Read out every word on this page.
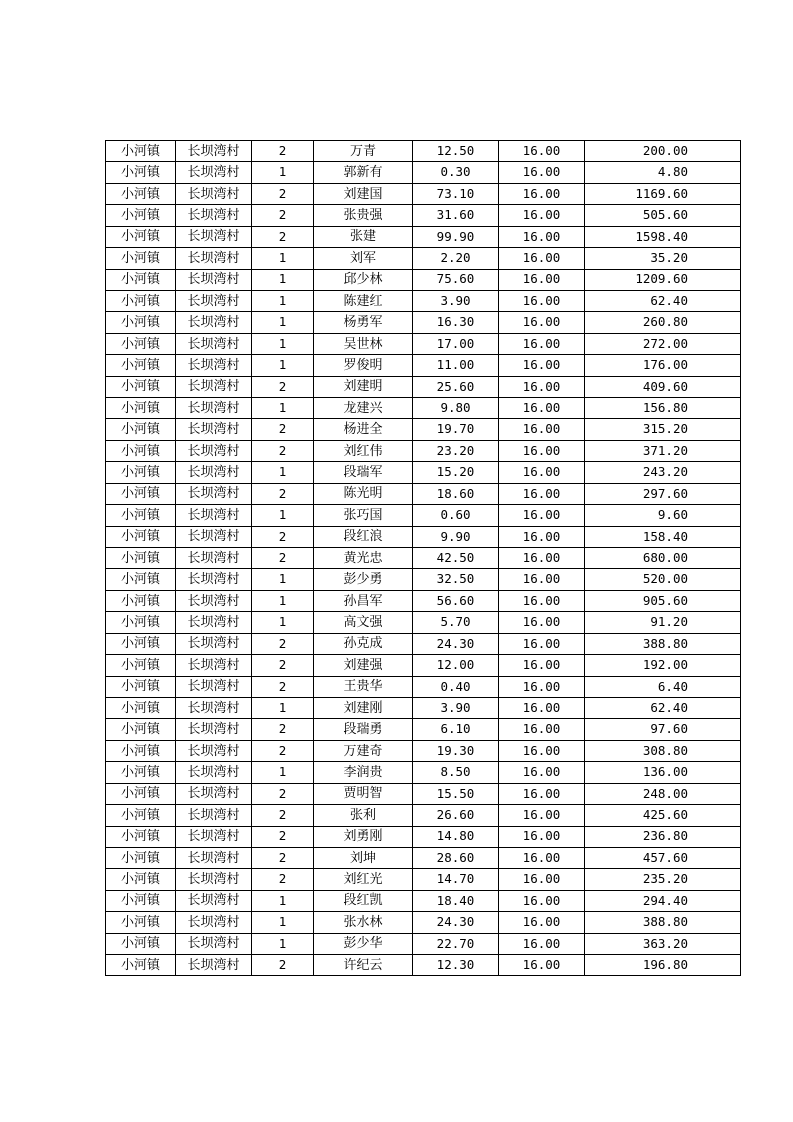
小河镇	长坝湾村	2	万青	12.50	16.00	200.00
小河镇	长坝湾村	1	郭新有	0.30	16.00	4.80
小河镇	长坝湾村	2	刘建国	73.10	16.00	1169.60
小河镇	长坝湾村	2	张贵强	31.60	16.00	505.60
小河镇	长坝湾村	2	张建	99.90	16.00	1598.40
小河镇	长坝湾村	1	刘军	2.20	16.00	35.20
小河镇	长坝湾村	1	邱少林	75.60	16.00	1209.60
小河镇	长坝湾村	1	陈建红	3.90	16.00	62.40
小河镇	长坝湾村	1	杨勇军	16.30	16.00	260.80
小河镇	长坝湾村	1	吴世林	17.00	16.00	272.00
小河镇	长坝湾村	1	罗俊明	11.00	16.00	176.00
小河镇	长坝湾村	2	刘建明	25.60	16.00	409.60
小河镇	长坝湾村	1	龙建兴	9.80	16.00	156.80
小河镇	长坝湾村	2	杨进全	19.70	16.00	315.20
小河镇	长坝湾村	2	刘红伟	23.20	16.00	371.20
小河镇	长坝湾村	1	段瑞军	15.20	16.00	243.20
小河镇	长坝湾村	2	陈光明	18.60	16.00	297.60
小河镇	长坝湾村	1	张巧国	0.60	16.00	9.60
小河镇	长坝湾村	2	段红浪	9.90	16.00	158.40
小河镇	长坝湾村	2	黄光忠	42.50	16.00	680.00
小河镇	长坝湾村	1	彭少勇	32.50	16.00	520.00
小河镇	长坝湾村	1	孙昌军	56.60	16.00	905.60
小河镇	长坝湾村	1	高文强	5.70	16.00	91.20
小河镇	长坝湾村	2	孙克成	24.30	16.00	388.80
小河镇	长坝湾村	2	刘建强	12.00	16.00	192.00
小河镇	长坝湾村	2	王贵华	0.40	16.00	6.40
小河镇	长坝湾村	1	刘建刚	3.90	16.00	62.40
小河镇	长坝湾村	2	段瑞勇	6.10	16.00	97.60
小河镇	长坝湾村	2	万建奇	19.30	16.00	308.80
小河镇	长坝湾村	1	李润贵	8.50	16.00	136.00
小河镇	长坝湾村	2	贾明智	15.50	16.00	248.00
小河镇	长坝湾村	2	张利	26.60	16.00	425.60
小河镇	长坝湾村	2	刘勇刚	14.80	16.00	236.80
小河镇	长坝湾村	2	刘坤	28.60	16.00	457.60
小河镇	长坝湾村	2	刘红光	14.70	16.00	235.20
小河镇	长坝湾村	1	段红凯	18.40	16.00	294.40
小河镇	长坝湾村	1	张水林	24.30	16.00	388.80
小河镇	长坝湾村	1	彭少华	22.70	16.00	363.20
小河镇	长坝湾村	2	许纪云	12.30	16.00	196.80
